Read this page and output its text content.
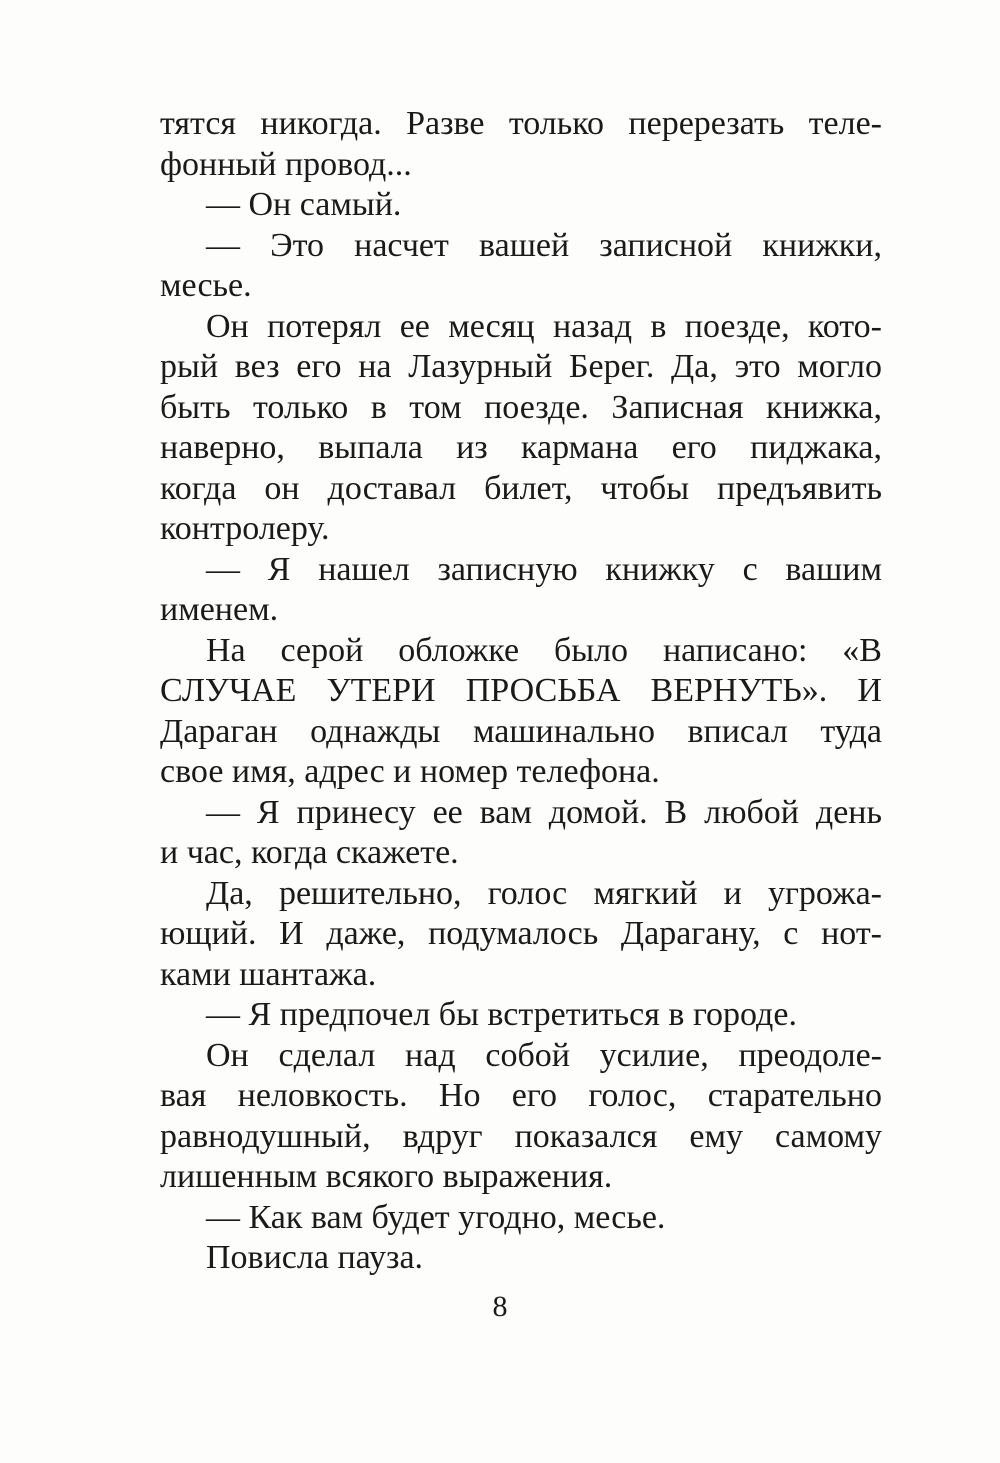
тятся никогда. Разве только перерезать теле-
фонный провод...
— Он самый.
— Это насчет вашей записной книжки,
месье.
Он потерял ее месяц назад в поезде, кото-
рый вез его на Лазурный Берег. Да, это могло
быть только в том поезде. Записная книжка,
наверно, выпала из кармана его пиджака,
когда он доставал билет, чтобы предъявить
контролеру.
— Я нашел записную книжку с вашим
именем.
На серой обложке было написано: «В
СЛУЧАЕ УТЕРИ ПРОСЬБА ВЕРНУТЬ». И
Дараган однажды машинально вписал туда
свое имя, адрес и номер телефона.
— Я принесу ее вам домой. В любой день
и час, когда скажете.
Да, решительно, голос мягкий и угрожа-
ющий. И даже, подумалось Дарагану, с нот-
ками шантажа.
— Я предпочел бы встретиться в городе.
Он сделал над собой усилие, преодоле-
вая неловкость. Но его голос, старательно
равнодушный, вдруг показался ему самому
лишенным всякого выражения.
— Как вам будет угодно, месье.
Повисла пауза.
8
